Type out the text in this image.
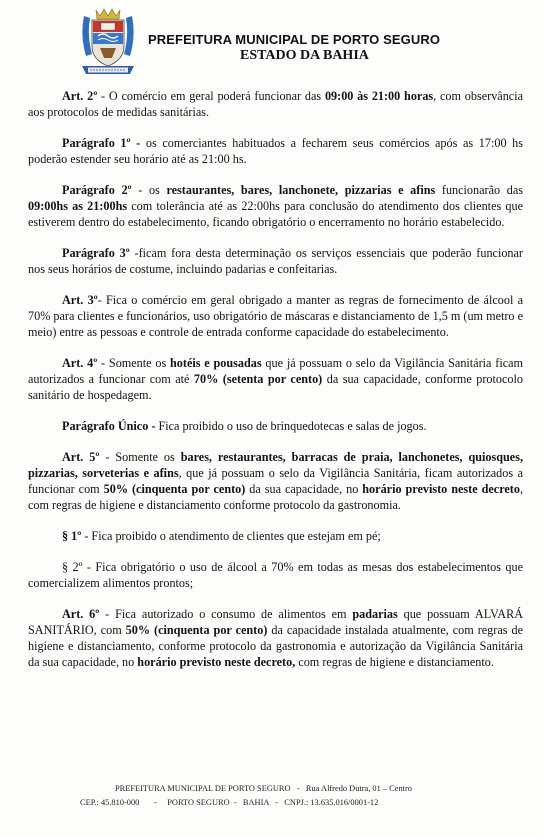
PREFEITURA MUNICIPAL DE PORTO SEGURO
ESTADO DA BAHIA
Art. 2º - O comércio em geral poderá funcionar das 09:00 às 21:00 horas, com observância aos protocolos de medidas sanitárias.
Parágrafo 1º - os comerciantes habituados a fecharem seus comércios após as 17:00 hs poderão estender seu horário até as 21:00 hs.
Parágrafo 2º - os restaurantes, bares, lanchonete, pizzarias e afins funcionarão das 09:00hs as 21:00hs com tolerância até as 22:00hs para conclusão do atendimento dos clientes que estiverem dentro do estabelecimento, ficando obrigatório o encerramento no horário estabelecido.
Parágrafo 3º -ficam fora desta determinação os serviços essenciais que poderão funcionar nos seus horários de costume, incluindo padarias e confeitarias.
Art. 3º- Fica o comércio em geral obrigado a manter as regras de fornecimento de álcool a 70% para clientes e funcionários, uso obrigatório de máscaras e distanciamento de 1,5 m (um metro e meio) entre as pessoas e controle de entrada conforme capacidade do estabelecimento.
Art. 4º - Somente os hotéis e pousadas que já possuam o selo da Vigilância Sanitária ficam autorizados a funcionar com até 70% (setenta por cento) da sua capacidade, conforme protocolo sanitário de hospedagem.
Parágrafo Único - Fica proibido o uso de brinquedotecas e salas de jogos.
Art. 5º - Somente os bares, restaurantes, barracas de praia, lanchonetes, quiosques, pizzarias, sorveterias e afins, que já possuam o selo da Vigilância Sanitária, ficam autorizados a funcionar com 50% (cinquenta por cento) da sua capacidade, no horário previsto neste decreto, com regras de higiene e distanciamento conforme protocolo da gastronomia.
§ 1º - Fica proibido o atendimento de clientes que estejam em pé;
§ 2º - Fica obrigatório o uso de álcool a 70% em todas as mesas dos estabelecimentos que comercializem alimentos prontos;
Art. 6º - Fica autorizado o consumo de alimentos em padarias que possuam ALVARÁ SANITÁRIO, com 50% (cinquenta por cento) da capacidade instalada atualmente, com regras de higiene e distanciamento, conforme protocolo da gastronomia e autorização da Vigilância Sanitária da sua capacidade, no horário previsto neste decreto, com regras de higiene e distanciamento.
PREFEITURA MUNICIPAL DE PORTO SEGURO   -   Rua Alfredo Dutra, 01 – Centro
CEP.: 45.810-000       -     PORTO SEGURO  -   BAHIA   -   CNPJ.: 13.635.016/0001-12
